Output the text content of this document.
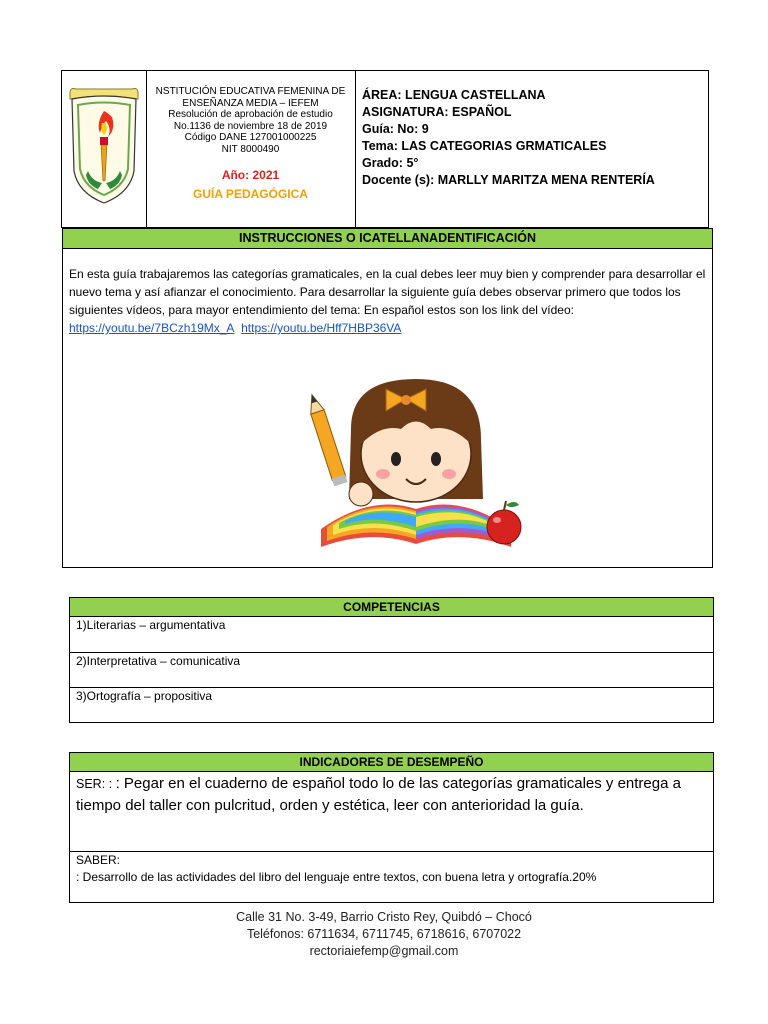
NSTITUCIÓN EDUCATIVA FEMENINA DE
ENSEÑANZA MEDIA – IEFEM
Resolución de aprobación de estudio
No.1136 de noviembre 18 de 2019
Código DANE 127001000225
NIT 8000490
Año: 2021
GUÍA PEDAGÓGICA
ÁREA: LENGUA CASTELLANA
ASIGNATURA: ESPAÑOL
Guía: No: 9
Tema: LAS CATEGORIAS GRMATICALES
Grado: 5°
Docente (s): MARLLY MARITZA MENA RENTERÍA
INSTRUCCIONES O ICATELLANADENTIFICACIÓN
En esta guía trabajaremos las categorías gramaticales, en la cual debes leer muy bien y comprender para desarrollar el nuevo tema y así afianzar el conocimiento. Para desarrollar la siguiente guía debes observar primero que todos los siguientes vídeos, para mayor entendimiento del tema: En español estos son los link del vídeo: https://youtu.be/7BCzh19Mx_A https://youtu.be/Hff7HBP36VA
COMPETENCIAS
1)Literarias – argumentativa
2)Interpretativa – comunicativa
3)Ortografía – propositiva
INDICADORES DE DESEMPEÑO
SER: : : Pegar en el cuaderno de español todo lo de las categorías gramaticales y entrega a tiempo del taller con pulcritud, orden y estética, leer con anterioridad la guía.
SABER:
: Desarrollo de las actividades del libro del lenguaje entre textos, con buena letra y ortografía.20%
Calle 31 No. 3-49, Barrio Cristo Rey, Quibdó – Chocó
Teléfonos: 6711634, 6711745, 6718616, 6707022
rectoriaiefemp@gmail.com
